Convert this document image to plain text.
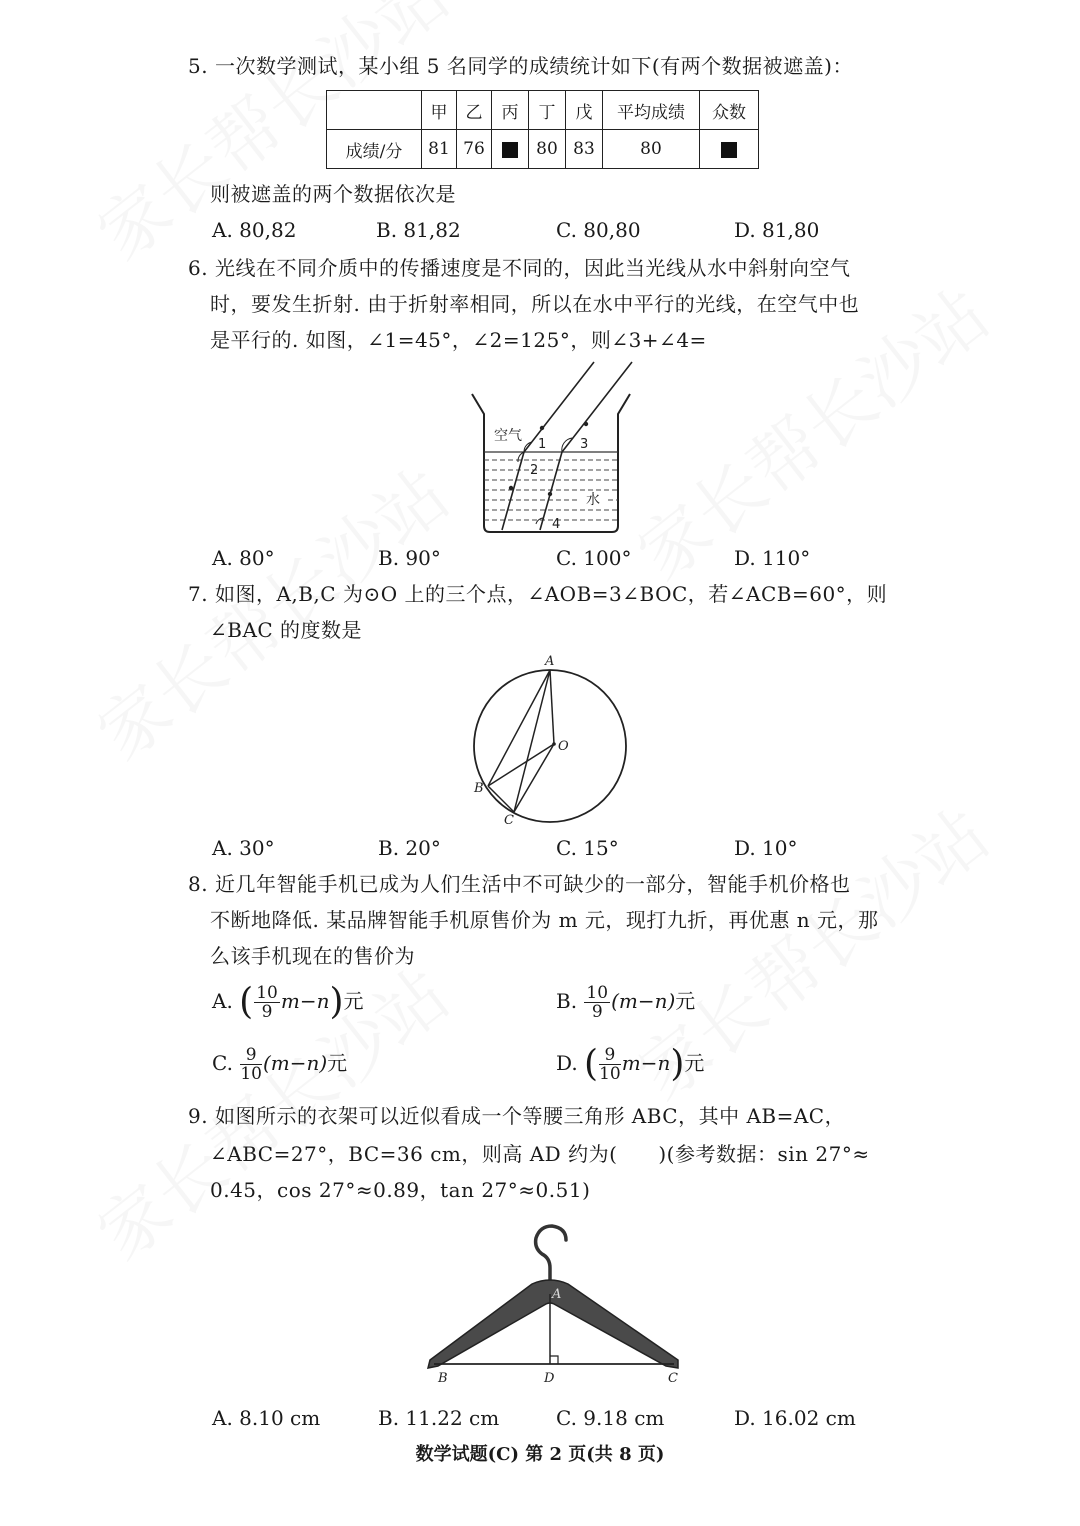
5. 一次数学测试，某小组 5 名同学的成绩统计如下(有两个数据被遮盖)：
	甲	乙	丙	丁	戊	平均成绩	众数
成绩/分	81	76		80	83	80	
则被遮盖的两个数据依次是
A. 80,82	B. 81,82	C. 80,80	D. 81,80
6. 光线在不同介质中的传播速度是不同的，因此当光线从水中斜射向空气
时，要发生折射. 由于折射率相同，所以在水中平行的光线，在空气中也
是平行的. 如图，∠1=45°，∠2=125°，则∠3+∠4=
空气
水
1
2
3
4
A. 80°	B. 90°	C. 100°	D. 110°
7. 如图，A,B,C 为⊙O 上的三个点，∠AOB=3∠BOC，若∠ACB=60°，则
∠BAC 的度数是
A
O
B
C
A. 30°	B. 20°	C. 15°	D. 10°
8. 近几年智能手机已成为人们生活中不可缺少的一部分，智能手机价格也
不断地降低. 某品牌智能手机原售价为 m 元，现打九折，再优惠 n 元，那
么该手机现在的售价为
A. ( $\frac{10}{9} m-n$)元	B. $\frac{10}{9} (m-n)$元
C. $\frac{9}{10} (m-n)$元	D. ( $\frac{9}{10} m-n$)元
9. 如图所示的衣架可以近似看成一个等腰三角形 ABC，其中 AB=AC，
∠ABC=27°，BC=36 cm，则高 AD 约为(　　)(参考数据：sin 27°≈
0.45，cos 27°≈0.89，tan 27°≈0.51)
A
B	D	C
A. 8.10 cm	B. 11.22 cm	C. 9.18 cm	D. 16.02 cm
数学试题(C) 第 2 页(共 8 页)
